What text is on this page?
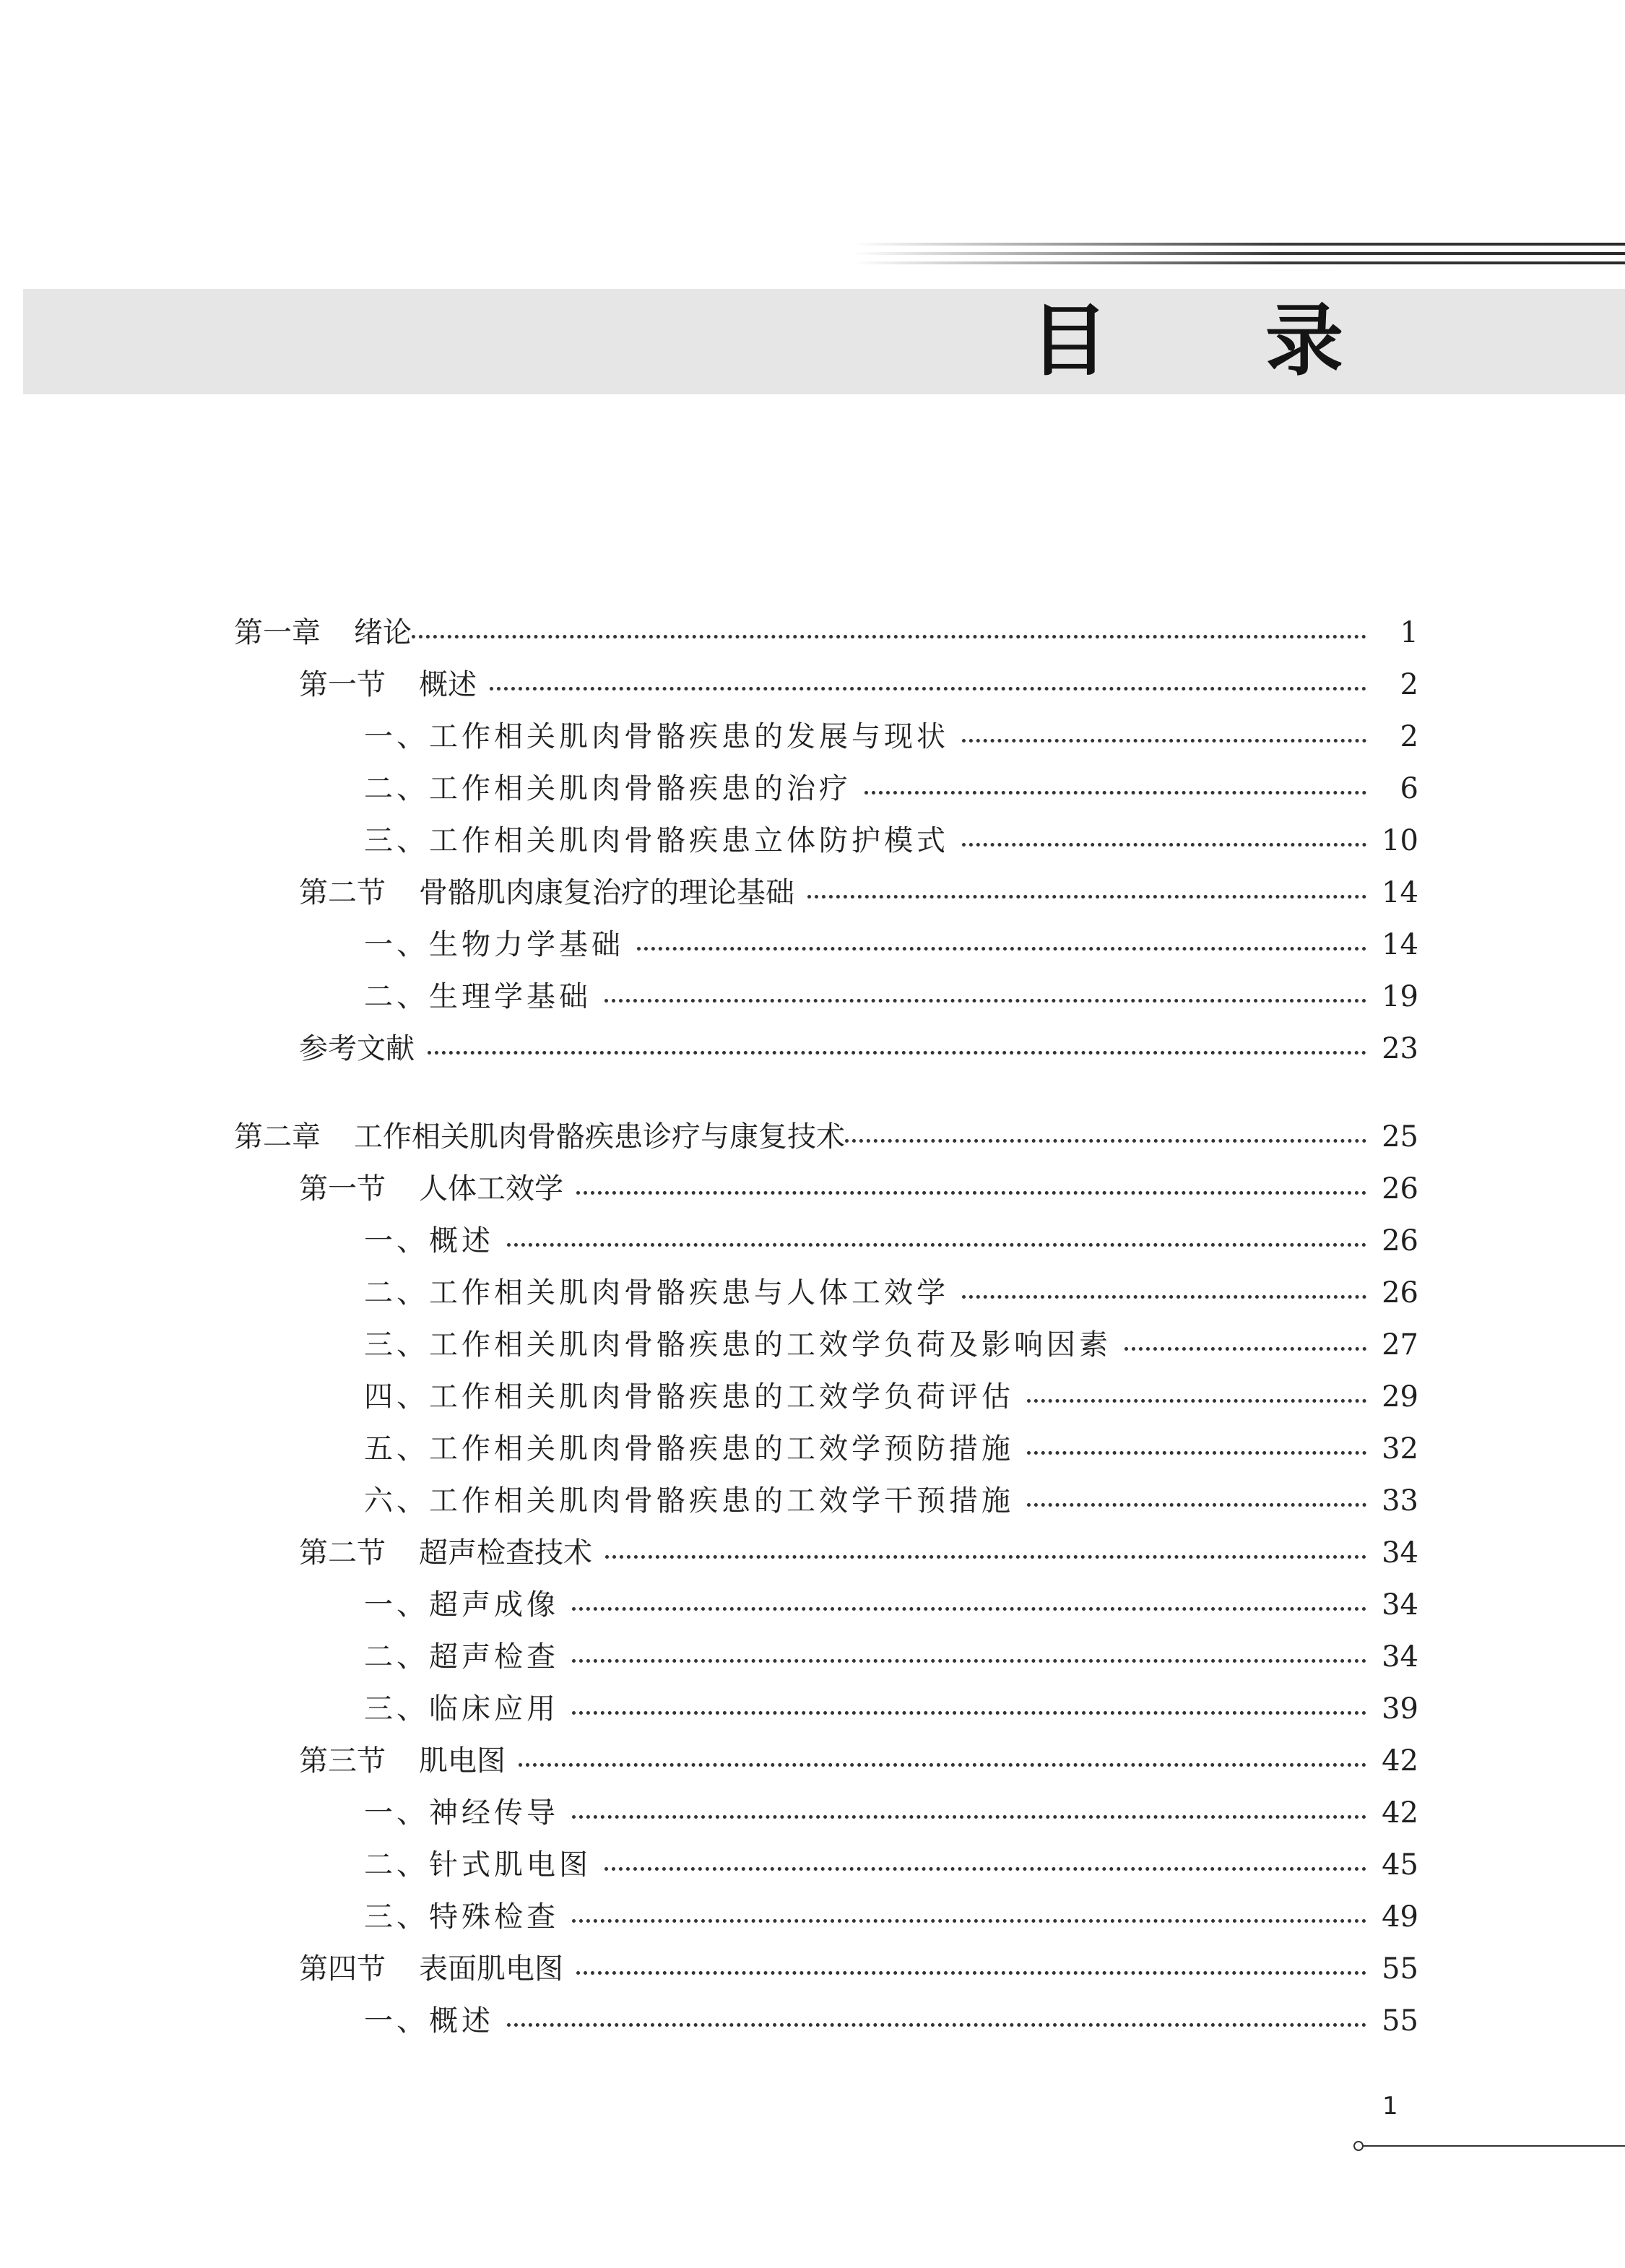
目 录
第一章 绪论	1
第一节 概述	2
一、工作相关肌肉骨骼疾患的发展与现状	2
二、工作相关肌肉骨骼疾患的治疗	6
三、工作相关肌肉骨骼疾患立体防护模式	10
第二节 骨骼肌肉康复治疗的理论基础	14
一、生物力学基础	14
二、生理学基础	19
参考文献	23
第二章 工作相关肌肉骨骼疾患诊疗与康复技术	25
第一节 人体工效学	26
一、概述	26
二、工作相关肌肉骨骼疾患与人体工效学	26
三、工作相关肌肉骨骼疾患的工效学负荷及影响因素	27
四、工作相关肌肉骨骼疾患的工效学负荷评估	29
五、工作相关肌肉骨骼疾患的工效学预防措施	32
六、工作相关肌肉骨骼疾患的工效学干预措施	33
第二节 超声检查技术	34
一、超声成像	34
二、超声检查	34
三、临床应用	39
第三节 肌电图	42
一、神经传导	42
二、针式肌电图	45
三、特殊检查	49
第四节 表面肌电图	55
一、概述	55
1
